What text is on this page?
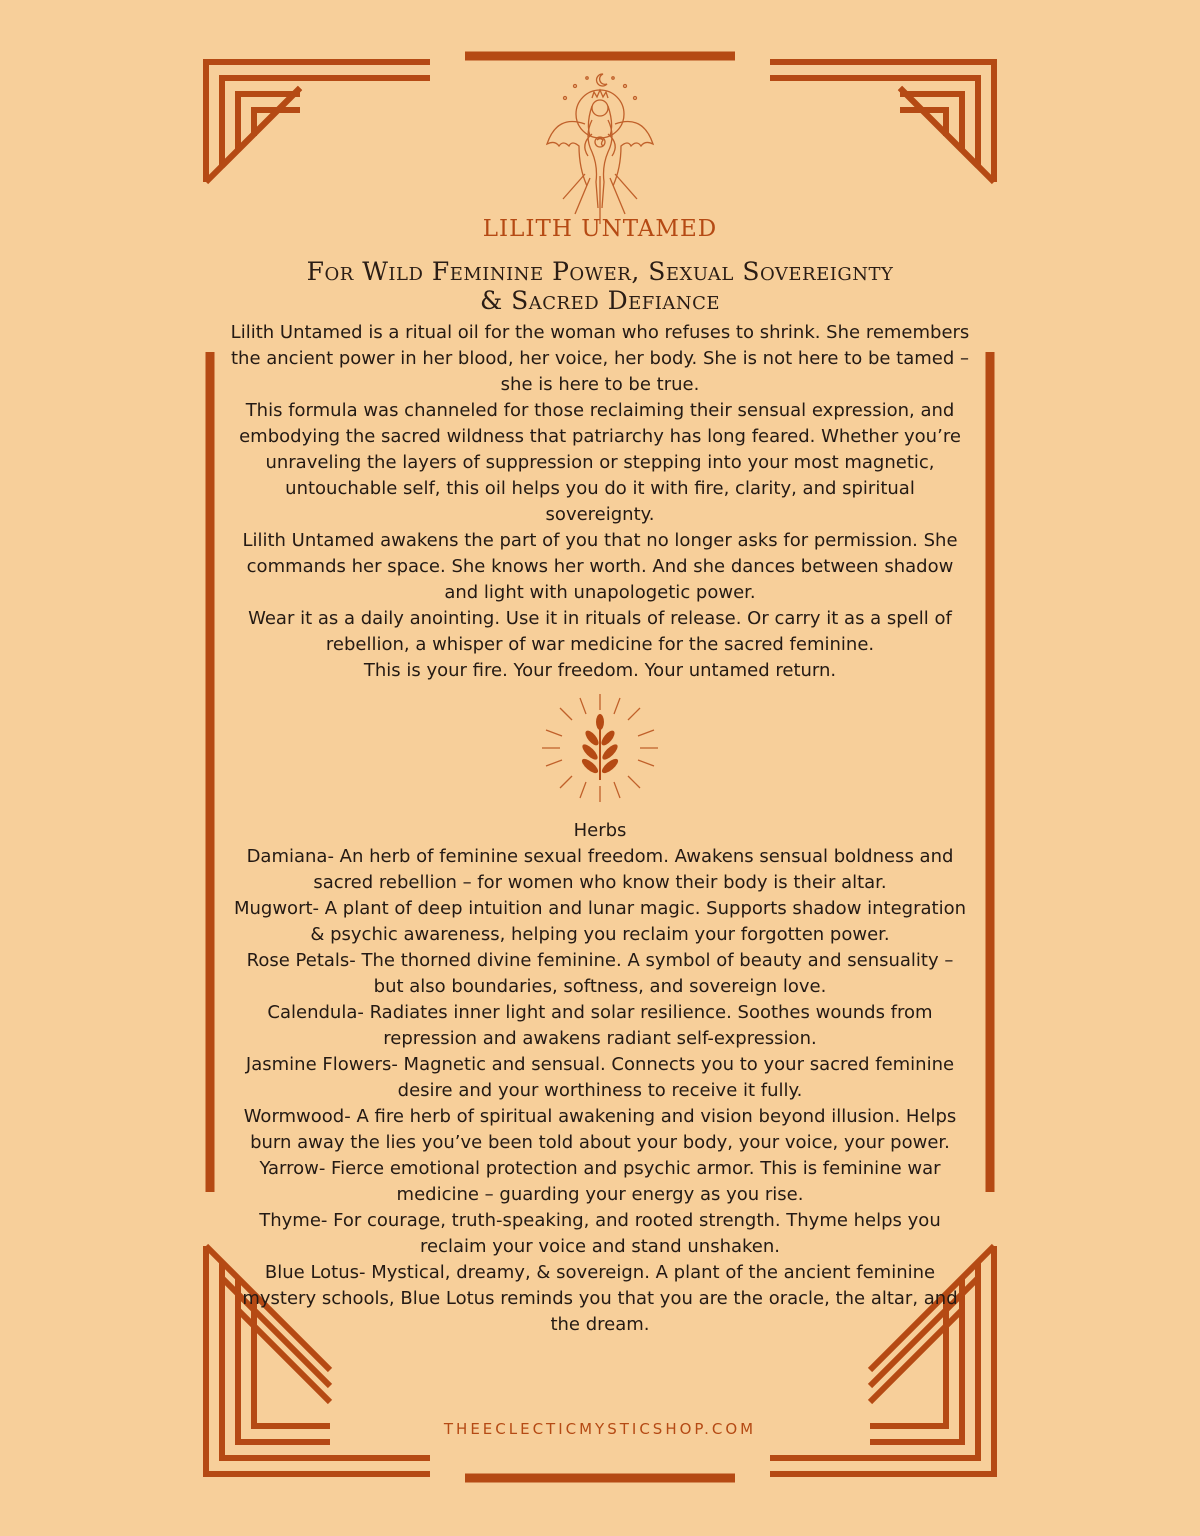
LILITH UNTAMED
For Wild Feminine Power, Sexual Sovereignty
& Sacred Defiance

Lilith Untamed is a ritual oil for the woman who refuses to shrink. She remembers the ancient power in her blood, her voice, her body. She is not here to be tamed – she is here to be true.

This formula was channeled for those reclaiming their sensual expression, and embodying the sacred wildness that patriarchy has long feared. Whether you’re unraveling the layers of suppression or stepping into your most magnetic, untouchable self, this oil helps you do it with fire, clarity, and spiritual sovereignty.

Lilith Untamed awakens the part of you that no longer asks for permission. She commands her space. She knows her worth. And she dances between shadow and light with unapologetic power.

Wear it as a daily anointing. Use it in rituals of release. Or carry it as a spell of rebellion, a whisper of war medicine for the sacred feminine.

This is your fire. Your freedom. Your untamed return.

Herbs

Damiana- An herb of feminine sexual freedom. Awakens sensual boldness and sacred rebellion – for women who know their body is their altar.

Mugwort- A plant of deep intuition and lunar magic. Supports shadow integration & psychic awareness, helping you reclaim your forgotten power.

Rose Petals- The thorned divine feminine. A symbol of beauty and sensuality – but also boundaries, softness, and sovereign love.

Calendula- Radiates inner light and solar resilience. Soothes wounds from repression and awakens radiant self-expression.

Jasmine Flowers- Magnetic and sensual. Connects you to your sacred feminine desire and your worthiness to receive it fully.

Wormwood- A fire herb of spiritual awakening and vision beyond illusion. Helps burn away the lies you’ve been told about your body, your voice, your power.

Yarrow- Fierce emotional protection and psychic armor. This is feminine war medicine – guarding your energy as you rise.

Thyme- For courage, truth-speaking, and rooted strength. Thyme helps you reclaim your voice and stand unshaken.

Blue Lotus- Mystical, dreamy, & sovereign. A plant of the ancient feminine mystery schools, Blue Lotus reminds you that you are the oracle, the altar, and the dream.

THEECLECTICMYSTICSHOP.COM
